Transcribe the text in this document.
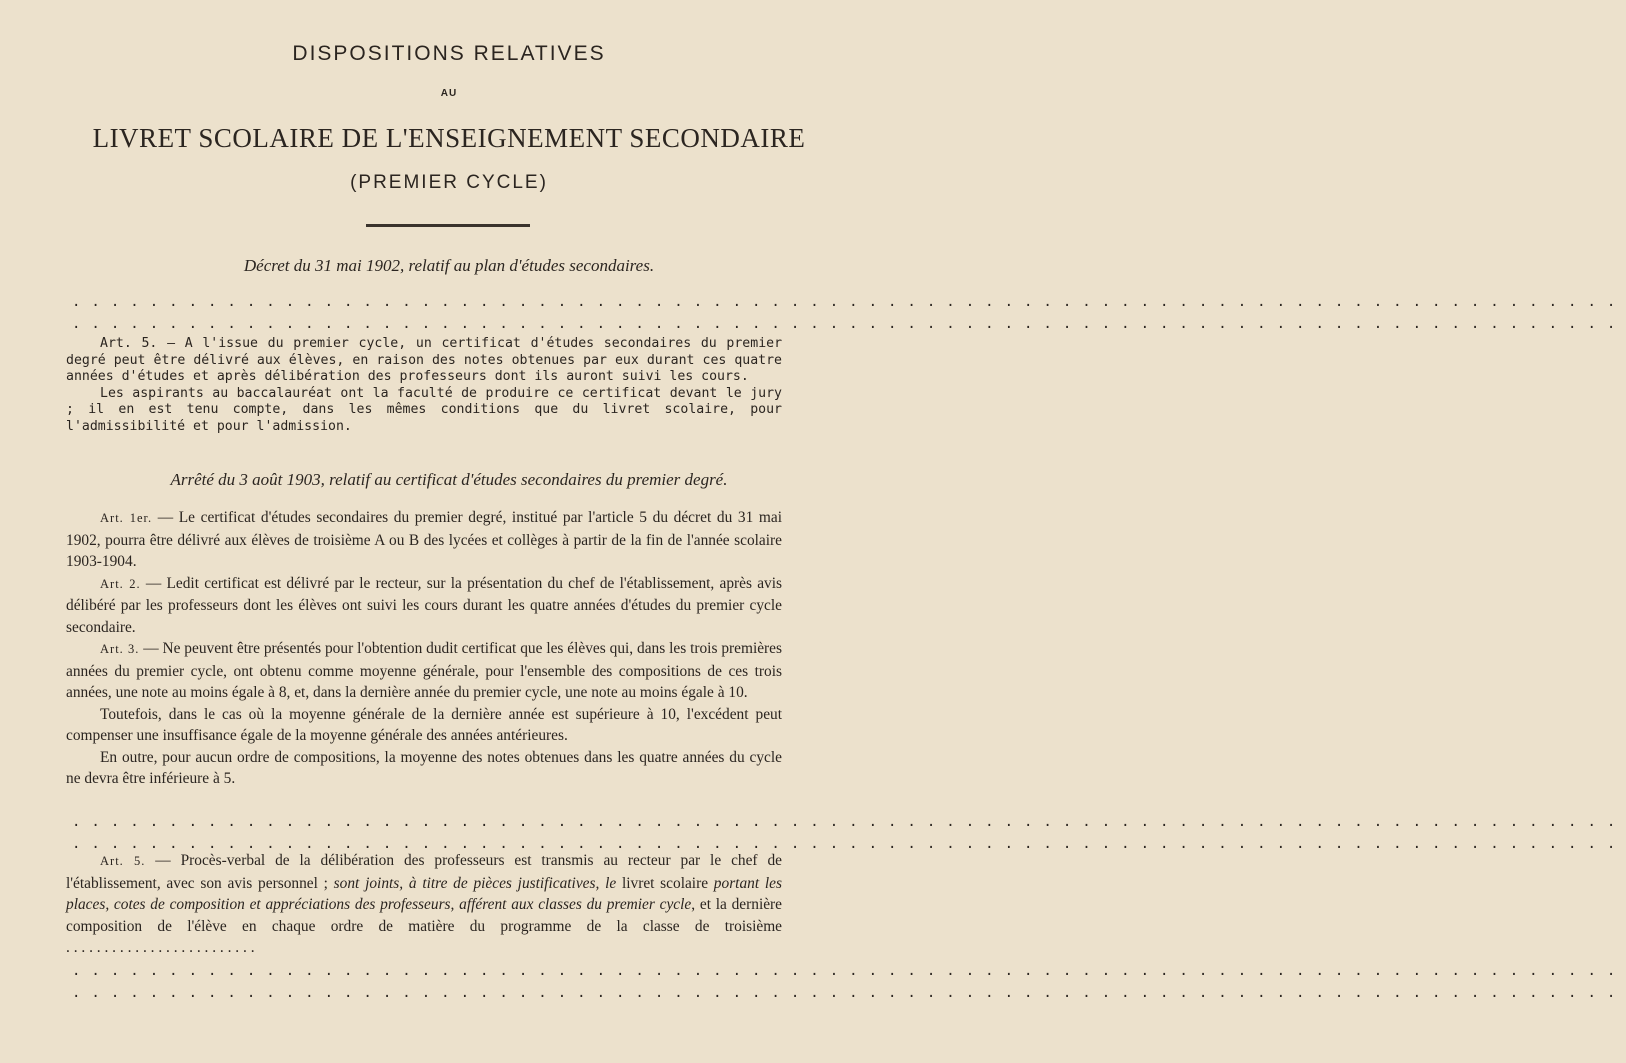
DISPOSITIONS RELATIVES
AU
LIVRET SCOLAIRE DE L'ENSEIGNEMENT SECONDAIRE
(PREMIER CYCLE)
Décret du 31 mai 1902, relatif au plan d'études secondaires.
................................................................................
................................................................................

Art. 5. — A l'issue du premier cycle, un certificat d'études secondaires du premier degré peut être délivré aux élèves, en raison des notes obtenues par eux durant ces quatre années d'études et après délibération des professeurs dont ils auront suivi les cours.

Les aspirants au baccalauréat ont la faculté de produire ce certificat devant le jury ; il en est tenu compte, dans les mêmes conditions que du livret scolaire, pour l'admissibilité et pour l'admission.

Arrêté du 3 août 1903, relatif au certificat d'études secondaires du premier degré.

Art. 1er. — Le certificat d'études secondaires du premier degré, institué par l'article 5 du décret du 31 mai 1902, pourra être délivré aux élèves de troisième A ou B des lycées et collèges à partir de la fin de l'année scolaire 1903-1904.

Art. 2. — Ledit certificat est délivré par le recteur, sur la présentation du chef de l'établissement, après avis délibéré par les professeurs dont les élèves ont suivi les cours durant les quatre années d'études du premier cycle secondaire.

Art. 3. — Ne peuvent être présentés pour l'obtention dudit certificat que les élèves qui, dans les trois premières années du premier cycle, ont obtenu comme moyenne générale, pour l'ensemble des compositions de ces trois années, une note au moins égale à 8, et, dans la dernière année du premier cycle, une note au moins égale à 10.

Toutefois, dans le cas où la moyenne générale de la dernière année est supérieure à 10, l'excédent peut compenser une insuffisance égale de la moyenne générale des années antérieures.

En outre, pour aucun ordre de compositions, la moyenne des notes obtenues dans les quatre années du cycle ne devra être inférieure à 5.

................................................................................
................................................................................

Art. 5. — Procès-verbal de la délibération des professeurs est transmis au recteur par le chef de l'établissement, avec son avis personnel ; sont joints, à titre de pièces justificatives, le livret scolaire portant les places, cotes de composition et appréciations des professeurs, afférent aux classes du premier cycle, et la dernière composition de l'élève en chaque ordre de matière du programme de la classe de troisième . . . . . . . . . . . . . . . . . . . . . . . . .

................................................................................
................................................................................
